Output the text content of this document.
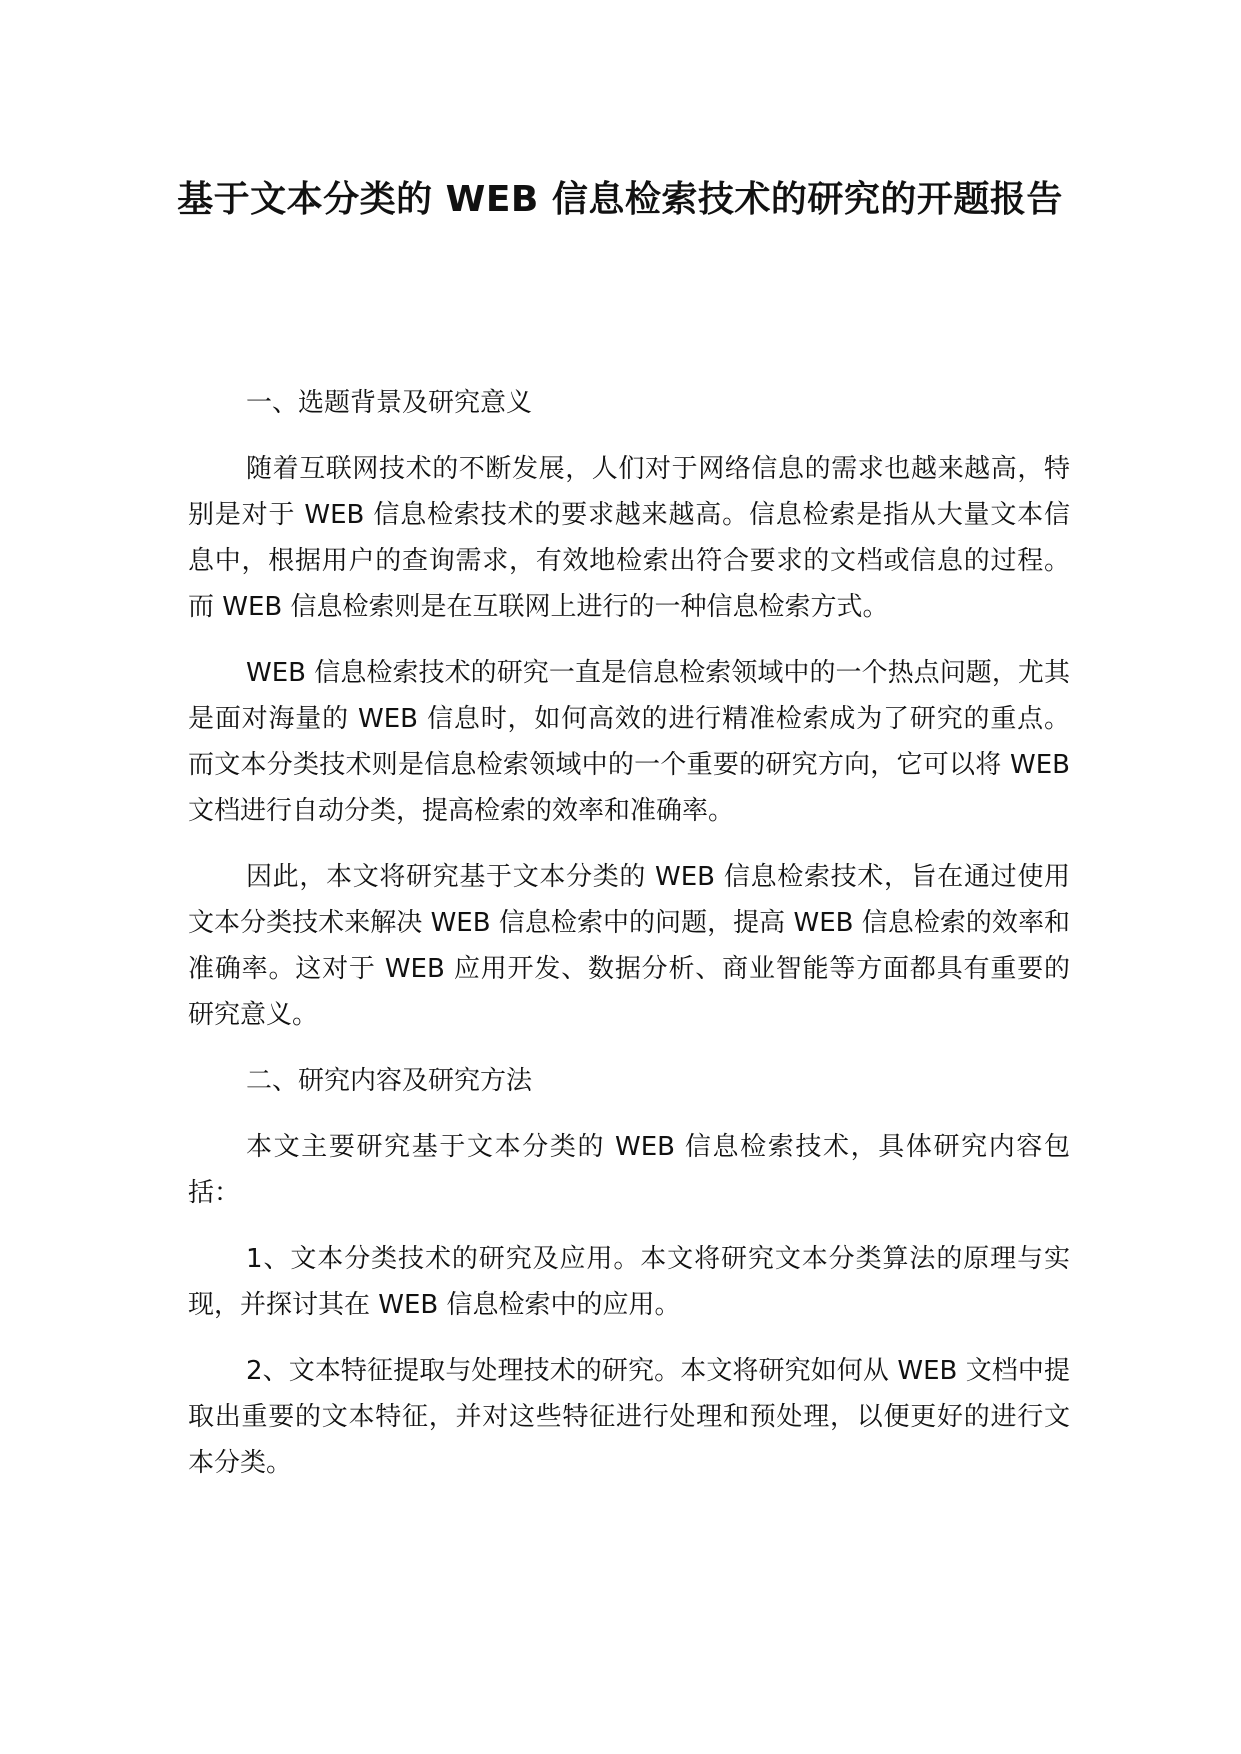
基于文本分类的 WEB 信息检索技术的研究的开题报告

一、选题背景及研究意义

随着互联网技术的不断发展，人们对于网络信息的需求也越来越高，特别是对于 WEB 信息检索技术的要求越来越高。信息检索是指从大量文本信息中，根据用户的查询需求，有效地检索出符合要求的文档或信息的过程。而 WEB 信息检索则是在互联网上进行的一种信息检索方式。

WEB 信息检索技术的研究一直是信息检索领域中的一个热点问题，尤其是面对海量的 WEB 信息时，如何高效的进行精准检索成为了研究的重点。而文本分类技术则是信息检索领域中的一个重要的研究方向，它可以将 WEB 文档进行自动分类，提高检索的效率和准确率。

因此，本文将研究基于文本分类的 WEB 信息检索技术，旨在通过使用文本分类技术来解决 WEB 信息检索中的问题，提高 WEB 信息检索的效率和准确率。这对于 WEB 应用开发、数据分析、商业智能等方面都具有重要的研究意义。

二、研究内容及研究方法

本文主要研究基于文本分类的 WEB 信息检索技术，具体研究内容包括：

1、文本分类技术的研究及应用。本文将研究文本分类算法的原理与实现，并探讨其在 WEB 信息检索中的应用。

2、文本特征提取与处理技术的研究。本文将研究如何从 WEB 文档中提取出重要的文本特征，并对这些特征进行处理和预处理，以便更好的进行文本分类。
